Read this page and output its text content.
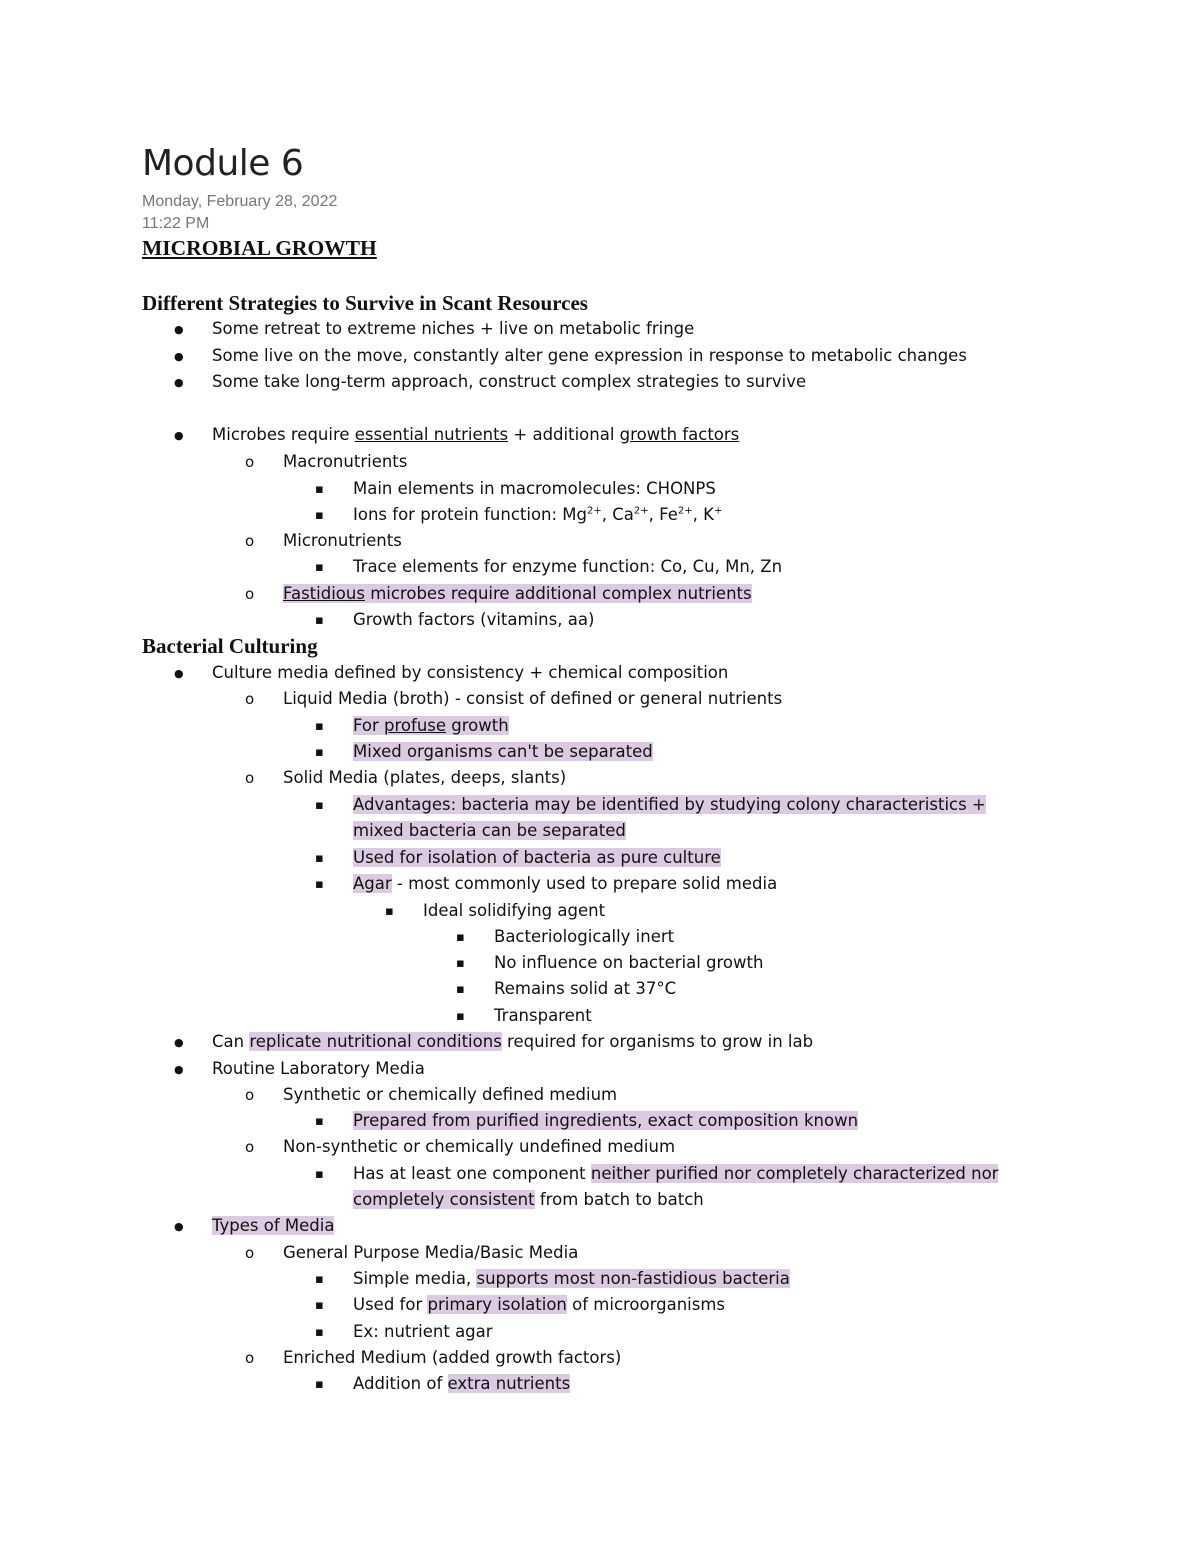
Module 6
Monday, February 28, 2022
11:22 PM
MICROBIAL GROWTH
Different Strategies to Survive in Scant Resources
●
Some retreat to extreme niches + live on metabolic fringe
●
Some live on the move, constantly alter gene expression in response to metabolic changes
●
Some take long-term approach, construct complex strategies to survive
●
Microbes require essential nutrients + additional growth factors
o
Macronutrients
▪
Main elements in macromolecules: CHONPS
▪
Ions for protein function: $Mg^{2+}$, $Ca^{2+}$, $Fe^{2+}$, K+
o
Micronutrients
▪
Trace elements for enzyme function: Co, Cu, Mn, Zn
o
Fastidious microbes require additional complex nutrients
▪
Growth factors (vitamins, aa)
Bacterial Culturing
●
Culture media defined by consistency + chemical composition
o
Liquid Media (broth) - consist of defined or general nutrients
▪
For profuse growth
▪
Mixed organisms can't be separated
o
Solid Media (plates, deeps, slants)
▪
Advantages: bacteria may be identified by studying colony characteristics +
mixed bacteria can be separated
▪
Used for isolation of bacteria as pure culture
▪
Agar - most commonly used to prepare solid media
▪
Ideal solidifying agent
▪
Bacteriologically inert
▪
No influence on bacterial growth
▪
Remains solid at 37°C
▪
Transparent
●
Can replicate nutritional conditions required for organisms to grow in lab
●
Routine Laboratory Media
o
Synthetic or chemically defined medium
▪
Prepared from purified ingredients, exact composition known
o
Non-synthetic or chemically undefined medium
▪
Has at least one component neither purified nor completely characterized nor
completely consistent from batch to batch
●
Types of Media
o
General Purpose Media/Basic Media
▪
Simple media, supports most non-fastidious bacteria
▪
Used for primary isolation of microorganisms
▪
Ex: nutrient agar
o
Enriched Medium (added growth factors)
▪
Addition of extra nutrients
